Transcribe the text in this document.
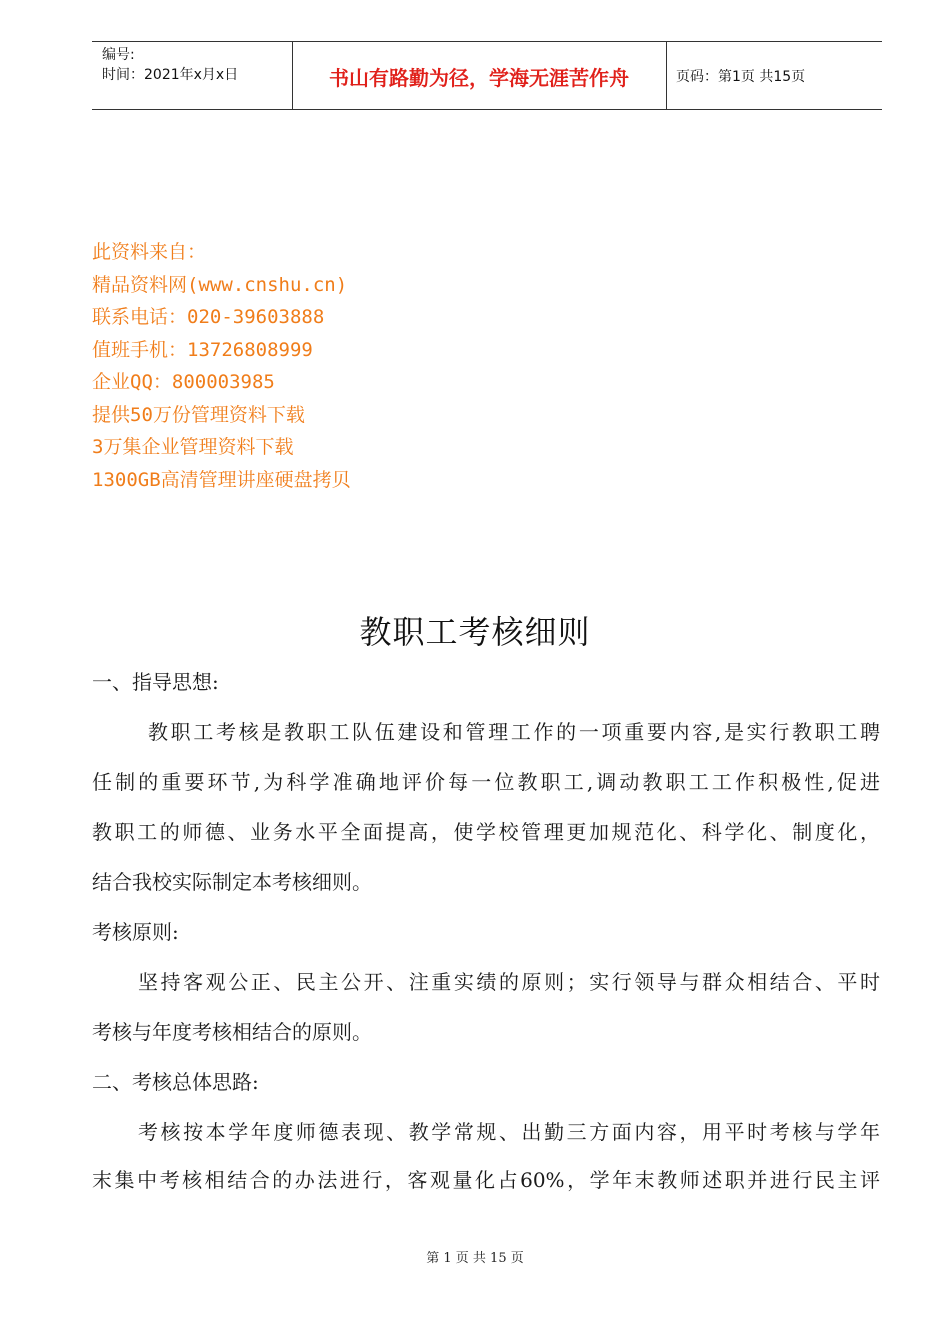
编号:
时间：2021年x月x日	书山有路勤为径，学海无涯苦作舟	页码：第1页 共15页
此资料来自：
精品资料网(www.cnshu.cn)
联系电话：020-39603888
值班手机：13726808999
企业QQ：800003985
提供50万份管理资料下载
3万集企业管理资料下载
1300GB高清管理讲座硬盘拷贝
教职工考核细则
一、指导思想:
教职工考核是教职工队伍建设和管理工作的一项重要内容,是实行教职工聘
任制的重要环节,为科学准确地评价每一位教职工,调动教职工工作积极性,促进
教职工的师德、业务水平全面提高，使学校管理更加规范化、科学化、制度化，
结合我校实际制定本考核细则。
考核原则:
坚持客观公正、民主公开、注重实绩的原则；实行领导与群众相结合、平时
考核与年度考核相结合的原则。
二、考核总体思路:
考核按本学年度师德表现、教学常规、出勤三方面内容，用平时考核与学年
末集中考核相结合的办法进行，客观量化占60%，学年末教师述职并进行民主评
第 1 页 共 15 页
